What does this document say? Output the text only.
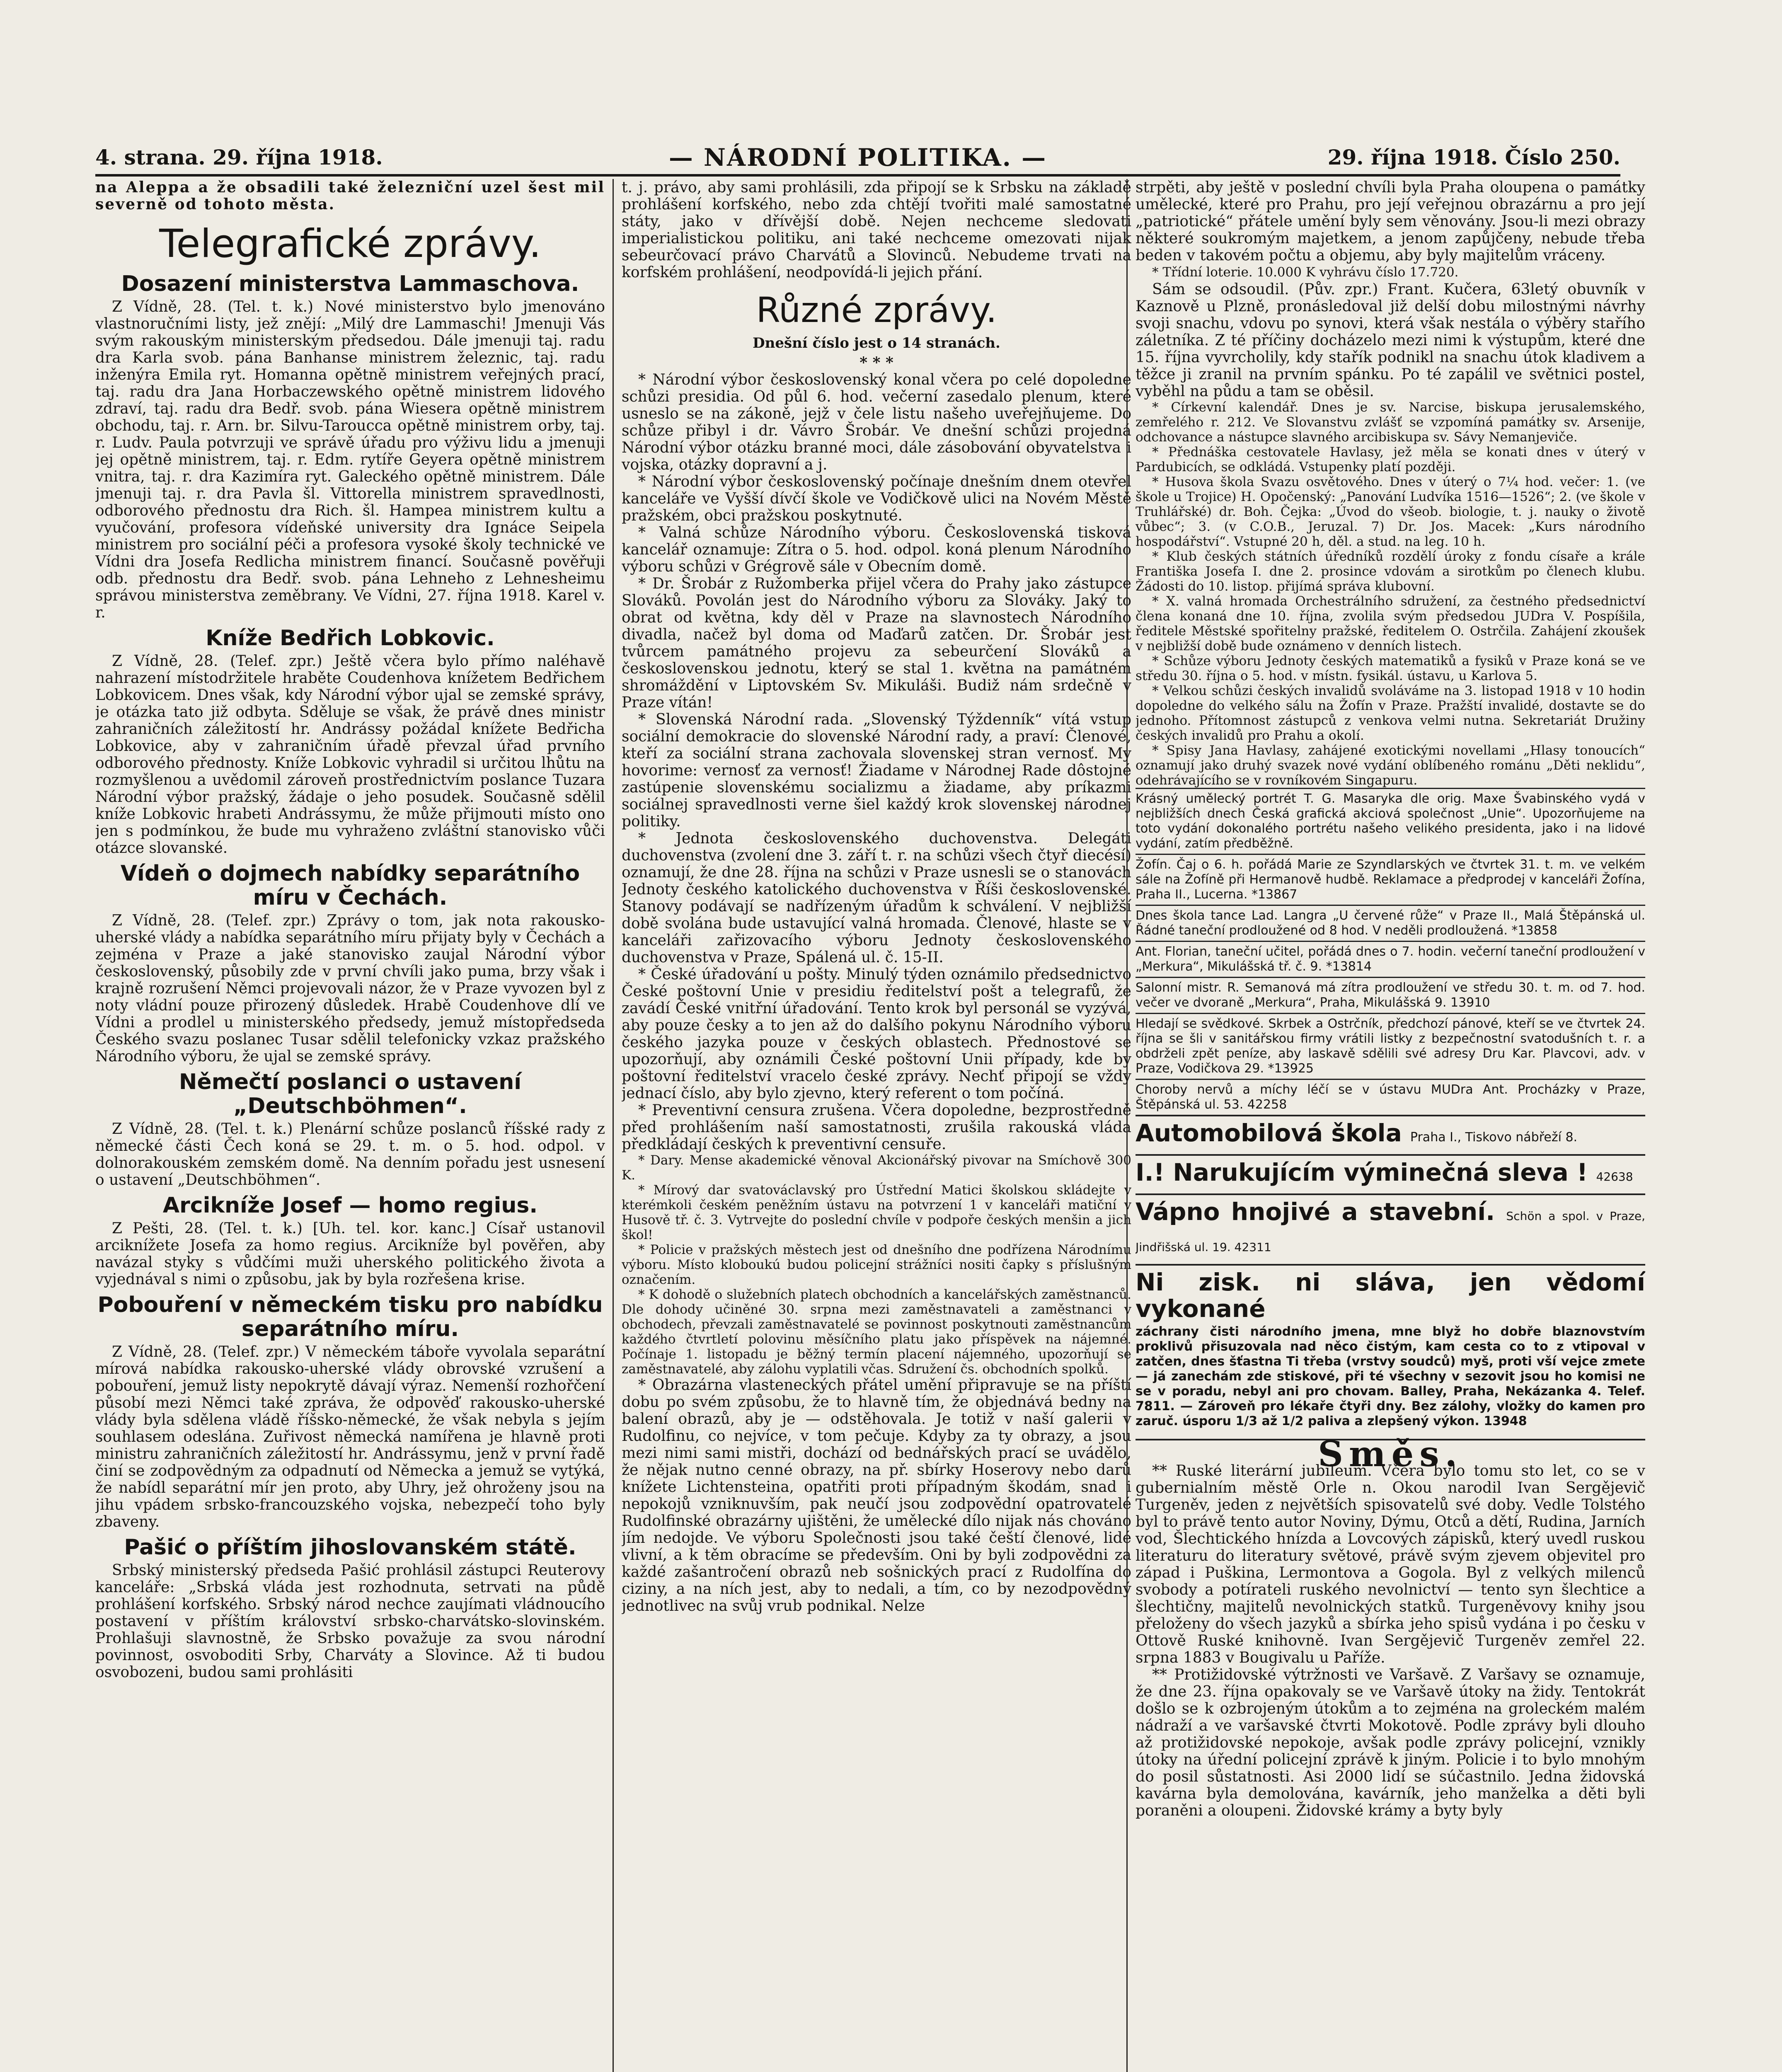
4. strana. 29. října 1918.	— NÁRODNÍ POLITIKA. —	29. října 1918. Číslo 250.

na Aleppa a že obsadili také železniční uzel šest mil severně od tohoto města.

Telegrafické zprávy.
Dosazení ministerstva Lammaschova.

Z Vídně, 28. (Tel. t. k.) Nové ministerstvo bylo jmenováno vlastnoručními listy, jež znějí: „Milý dre Lammaschi! Jmenuji Vás svým rakouským ministerským předsedou. Dále jmenuji taj. radu dra Karla svob. pána Banhanse ministrem železnic, taj. radu inženýra Emila ryt. Homanna opětně ministrem veřejných prací, taj. radu dra Jana Horbaczewského opětně ministrem lidového zdraví, taj. radu dra Bedř. svob. pána Wiesera opětně ministrem obchodu, taj. r. Arn. br. Silvu-Taroucca opětně ministrem orby, taj. r. Ludv. Paula potvrzuji ve správě úřadu pro výživu lidu a jmenuji jej opětně ministrem, taj. r. Edm. rytíře Geyera opětně ministrem vnitra, taj. r. dra Kazimíra ryt. Galeckého opětně ministrem. Dále jmenuji taj. r. dra Pavla šl. Vittorella ministrem spravedlnosti, odborového přednostu dra Rich. šl. Hampea ministrem kultu a vyučování, profesora vídeňské university dra Ignáce Seipela ministrem pro sociální péči a profesora vysoké školy technické ve Vídni dra Josefa Redlicha ministrem financí. Současně pověřuji odb. přednostu dra Bedř. svob. pána Lehneho z Lehnesheimu správou ministerstva zeměbrany. Ve Vídni, 27. října 1918. Karel v. r.

Kníže Bedřich Lobkovic.

Z Vídně, 28. (Telef. zpr.) Ještě včera bylo přímo naléhavě nahrazení místodržitele hraběte Coudenhova knížetem Bedřichem Lobkovicem. Dnes však, kdy Národní výbor ujal se zemské správy, je otázka tato již odbyta. Sděluje se však, že právě dnes ministr zahraničních záležitostí hr. Andrássy požádal knížete Bedřicha Lobkovice, aby v zahraničním úřadě převzal úřad prvního odborového přednosty. Kníže Lobkovic vyhradil si určitou lhůtu na rozmyšlenou a uvědomil zároveň prostřednictvím poslance Tuzara Národní výbor pražský, žádaje o jeho posudek. Současně sdělil kníže Lobkovic hrabeti Andrássymu, že může přijmouti místo ono jen s podmínkou, že bude mu vyhraženo zvláštní stanovisko vůči otázce slovanské.

Vídeň o dojmech nabídky separátního míru v Čechách.

Z Vídně, 28. (Telef. zpr.) Zprávy o tom, jak nota rakousko-uherské vlády a nabídka separátního míru přijaty byly v Čechách a zejména v Praze a jaké stanovisko zaujal Národní výbor československý, působily zde v první chvíli jako puma, brzy však i krajně rozrušení Němci projevovali názor, že v Praze vyvozen byl z noty vládní pouze přirozený důsledek. Hrabě Coudenhove dlí ve Vídni a prodlel u ministerského předsedy, jemuž místopředseda Českého svazu poslanec Tusar sdělil telefonicky vzkaz pražského Národního výboru, že ujal se zemské správy.

Němečtí poslanci o ustavení „Deutschböhmen“.

Z Vídně, 28. (Tel. t. k.) Plenární schůze poslanců říšské rady z německé části Čech koná se 29. t. m. o 5. hod. odpol. v dolnorakouském zemském domě. Na denním pořadu jest usnesení o ustavení „Deutschböhmen“.

Arcikníže Josef — homo regius.

Z Pešti, 28. (Tel. t. k.) [Uh. tel. kor. kanc.] Císař ustanovil arciknížete Josefa za homo regius. Arcikníže byl pověřen, aby navázal styky s vůdčími muži uherského politického života a vyjednával s nimi o způsobu, jak by byla rozřešena krise.

Pobouření v německém tisku pro nabídku separátního míru.

Z Vídně, 28. (Telef. zpr.) V německém táboře vyvolala separátní mírová nabídka rakousko-uherské vlády obrovské vzrušení a pobouření, jemuž listy nepokrytě dávají výraz. Nemenší rozhořčení působí mezi Němci také zpráva, že odpověď rakousko-uherské vlády byla sdělena vládě říšsko-německé, že však nebyla s jejím souhlasem odeslána. Zuřivost německá namířena je hlavně proti ministru zahraničních záležitostí hr. Andrássymu, jenž v první řadě činí se zodpovědným za odpadnutí od Německa a jemuž se vytýká, že nabídl separátní mír jen proto, aby Uhry, jež ohroženy jsou na jihu vpádem srbsko-francouzského vojska, nebezpečí toho byly zbaveny.

Pašić o příštím jihoslovanském státě.

Srbský ministerský předseda Pašić prohlásil zástupci Reuterovy kanceláře: „Srbská vláda jest rozhodnuta, setrvati na půdě prohlášení korfského. Srbský národ nechce zaujímati vládnoucího postavení v příštím království srbsko-charvátsko-slovinském. Prohlašuji slavnostně, že Srbsko považuje za svou národní povinnost, osvoboditi Srby, Charváty a Slovince. Až ti budou osvobozeni, budou sami prohlásiti

t. j. právo, aby sami prohlásili, zda připojí se k Srbsku na základě prohlášení korfského, nebo zda chtějí tvořiti malé samostatné státy, jako v dřívější době. Nejen nechceme sledovati imperialistickou politiku, ani také nechceme omezovati nijak sebeurčovací právo Charvátů a Slovinců. Nebudeme trvati na korfském prohlášení, neodpovídá-li jejich přání.

Různé zprávy.
Dnešní číslo jest o 14 stranách.
* * *

* Národní výbor československý konal včera po celé dopoledne schůzi presidia. Od půl 6. hod. večerní zasedalo plenum, které usneslo se na zákoně, jejž v čele listu našeho uveřejňujeme. Do schůze přibyl i dr. Vávro Šrobár. Ve dnešní schůzi projedná Národní výbor otázku branné moci, dále zásobování obyvatelstva i vojska, otázky dopravní a j.

* Národní výbor československý počínaje dnešním dnem otevřel kanceláře ve Vyšší dívčí škole ve Vodičkově ulici na Novém Městě pražském, obci pražskou poskytnuté.

* Valná schůze Národního výboru. Československá tisková kancelář oznamuje: Zítra o 5. hod. odpol. koná plenum Národního výboru schůzi v Grégrově sále v Obecním domě.

* Dr. Šrobár z Ružomberka přijel včera do Prahy jako zástupce Slováků. Povolán jest do Národního výboru za Slováky. Jaký to obrat od května, kdy děl v Praze na slavnostech Národního divadla, načež byl doma od Maďarů zatčen. Dr. Šrobár jest tvůrcem památného projevu za sebeurčení Slováků a československou jednotu, který se stal 1. května na památném shromáždění v Liptovském Sv. Mikuláši. Budiž nám srdečně v Praze vítán!

* Slovenská Národní rada. „Slovenský Týždenník“ vítá vstup sociální demokracie do slovenské Národní rady, a praví: Členové, kteří za sociální strana zachovala slovenskej stran vernosť. My hovorime: vernosť za vernosť! Žiadame v Národnej Rade dôstojné zastúpenie slovenskému socializmu a žiadame, aby príkazmi sociálnej spravedlnosti verne šiel každý krok slovenskej národnej politiky.

* Jednota československého duchovenstva. Delegáti duchovenstva (zvolení dne 3. září t. r. na schůzi všech čtyř diecésí) oznamují, že dne 28. října na schůzi v Praze usnesli se o stanovách Jednoty českého katolického duchovenstva v Říši československé. Stanovy podávají se nadřízeným úřadům k schválení. V nejbližší době svolána bude ustavující valná hromada. Členové, hlaste se v kanceláři zařizovacího výboru Jednoty československého duchovenstva v Praze, Spálená ul. č. 15-II.

* České úřadování u pošty. Minulý týden oznámilo předsednictvo České poštovní Unie v presidiu ředitelství pošt a telegrafů, že zavádí České vnitřní úřadování. Tento krok byl personál se vyzývá, aby pouze česky a to jen až do dalšího pokynu Národního výboru českého jazyka pouze v českých oblastech. Přednostové se upozorňují, aby oznámili České poštovní Unii případy, kde by poštovní ředitelství vracelo české zprávy. Nechť připojí se vždy jednací číslo, aby bylo zjevno, který referent o tom počíná.

* Preventivní censura zrušena. Včera dopoledne, bezprostředně před prohlášením naší samostatnosti, zrušila rakouská vláda předkládají českých k preventivní censuře.

* Dary. Mense akademické věnoval Akcionářský pivovar na Smíchově 300 K.

* Mírový dar svatováclavský pro Ústřední Matici školskou skládejte v kterémkoli českém peněžním ústavu na potvrzení 1 v kanceláři matiční v Husově tř. č. 3. Vytrvejte do poslední chvíle v podpoře českých menšin a jich škol!

* Policie v pražských městech jest od dnešního dne podřízena Národnímu výboru. Místo kloboukú budou policejní strážníci nositi čapky s příslušným označením.

* K dohodě o služebních platech obchodních a kancelářských zaměstnanců. Dle dohody učiněné 30. srpna mezi zaměstnavateli a zaměstnanci v obchodech, převzali zaměstnavatelé se povinnost poskytnouti zaměstnancům každého čtvrtletí polovinu měsíčního platu jako příspěvek na nájemné. Počínaje 1. listopadu je běžný termín placení nájemného, upozorňují se zaměstnavatelé, aby zálohu vyplatili včas. Sdružení čs. obchodních spolků.

* Obrazárna vlasteneckých přátel umění připravuje se na příští dobu po svém způsobu, že to hlavně tím, že objednává bedny na balení obrazů, aby je — odstěhovala. Je totiž v naší galerii v Rudolfinu, co nejvíce, v tom pečuje. Kdyby za ty obrazy, a jsou mezi nimi sami mistři, dochází od bednářských prací se uvádělo, že nějak nutno cenné obrazy, na př. sbírky Hoserovy nebo darů knížete Lichtensteina, opatřiti proti případným škodám, snad i nepokojů vzniknuvším, pak neučí jsou zodpovědní opatrovatelé Rudolfinské obrazárny ujištěni, že umělecké dílo nijak nás chováno jím nedojde. Ve výboru Společnosti jsou také čeští členové, lidé vlivní, a k těm obracíme se především. Oni by byli zodpovědni za každé zašantročení obrazů neb sošnických prací z Rudolfína do ciziny, a na ních jest, aby to nedali, a tím, co by nezodpovědný jednotlivec na svůj vrub podnikal. Nelze

strpěti, aby ještě v poslední chvíli byla Praha oloupena o památky umělecké, které pro Prahu, pro její veřejnou obrazárnu a pro její „patriotické“ přátele umění byly sem věnovány. Jsou-li mezi obrazy některé soukromým majetkem, a jenom zapůjčeny, nebude třeba beden v takovém počtu a objemu, aby byly majitelům vráceny.

* Třídní loterie. 10.000 K vyhrávu číslo 17.720.

Sám se odsoudil. (Pův. zpr.) Frant. Kučera, 63letý obuvník v Kaznově u Plzně, pronásledoval již delší dobu milostnými návrhy svoji snachu, vdovu po synovi, která však nestála o výběry stařího záletníka. Z té příčiny docházelo mezi nimi k výstupům, které dne 15. října vyvrcholily, kdy stařík podnikl na snachu útok kladivem a těžce ji zranil na prvním spánku. Po té zapálil ve světnici postel, vyběhl na půdu a tam se oběsil.

* Církevní kalendář. Dnes je sv. Narcise, biskupa jerusalemského, zemřelého r. 212. Ve Slovanstvu zvlášť se vzpomíná památky sv. Arsenije, odchovance a nástupce slavného arcibiskupa sv. Sávy Nemanjeviče.

* Přednáška cestovatele Havlasy, jež měla se konati dnes v úterý v Pardubicích, se odkládá. Vstupenky platí později.

* Husova škola Svazu osvětového. Dnes v úterý o 7¼ hod. večer: 1. (ve škole u Trojice) H. Opočenský: „Panování Ludvíka 1516—1526“; 2. (ve škole v Truhlářské) dr. Boh. Čejka: „Úvod do všeob. biologie, t. j. nauky o životě vůbec“; 3. (v C.O.B., Jeruzal. 7) Dr. Jos. Macek: „Kurs národního hospodářství“. Vstupné 20 h, děl. a stud. na leg. 10 h.

* Klub českých státních úředníků rozdělí úroky z fondu císaře a krále Františka Josefa I. dne 2. prosince vdovám a sirotkům po členech klubu. Žádosti do 10. listop. přijímá správa klubovní.

* X. valná hromada Orchestrálního sdružení, za čestného předsednictví člena konaná dne 10. října, zvolila svým předsedou JUDra V. Pospíšila, ředitele Městské spořitelny pražské, ředitelem O. Ostrčila. Zahájení zkoušek v nejbližší době bude oznámeno v denních listech.

* Schůze výboru Jednoty českých matematiků a fysiků v Praze koná se ve středu 30. října o 5. hod. v místn. fysikál. ústavu, u Karlova 5.

* Velkou schůzi českých invalidů svoláváme na 3. listopad 1918 v 10 hodin dopoledne do velkého sálu na Žofín v Praze. Pražští invalidé, dostavte se do jednoho. Přítomnost zástupců z venkova velmi nutna. Sekretariát Družiny českých invalidů pro Prahu a okolí.

* Spisy Jana Havlasy, zahájené exotickými novellami „Hlasy tonoucích“ oznamují jako druhý svazek nové vydání oblíbeného románu „Děti neklidu“, odehrávajícího se v rovníkovém Singapuru.

Krásný umělecký portrét T. G. Masaryka dle orig. Maxe Švabinského vydá v nejbližších dnech Česká grafická akciová společnost „Unie“. Upozorňujeme na toto vydání dokonalého portrétu našeho velikého presidenta, jako i na lidové vydání, zatím předběžně.
Žofín. Čaj o 6. h. pořádá Marie ze Szyndlarských ve čtvrtek 31. t. m. ve velkém sále na Žofíně při Hermanově hudbě. Reklamace a předprodej v kanceláři Žofína, Praha II., Lucerna. *13867
Dnes škola tance Lad. Langra „U červené růže“ v Praze II., Malá Štěpánská ul. Řádné taneční prodloužené od 8 hod. V neděli prodloužená. *13858
Ant. Florian, taneční učitel, pořádá dnes o 7. hodin. večerní taneční prodloužení v „Merkura“, Mikulášská tř. č. 9. *13814
Salonní mistr. R. Semanová má zítra prodloužení ve středu 30. t. m. od 7. hod. večer ve dvoraně „Merkura“, Praha, Mikulášská 9. 13910
Hledají se svědkové. Skrbek a Ostrčník, předchozí pánové, kteří se ve čtvrtek 24. října se šli v sanitářskou firmy vrátili listky z bezpečnostní svatodušních t. r. a obdrželi zpět peníze, aby laskavě sdělili své adresy Dru Kar. Plavcovi, adv. v Praze, Vodičkova 29. *13925
Choroby nervů a míchy léčí se v ústavu MUDra Ant. Procházky v Praze, Štěpánská ul. 53. 42258
Automobilová škola Praha I., Tiskovo nábřeží 8.
I.! Narukujícím výminečná sleva ! 42638
Vápno hnojivé a stavební. Schön a spol. v Praze, Jindřišská ul. 19. 42311
Ni zisk. ni sláva, jen vědomí vykonané
záchrany čisti národního jmena, mne blyž ho dobře blaznovstvím proklivů přisuzovala nad něco čistým, kam cesta co to z vtipoval v zatčen, dnes šťastna Ti třeba (vrstvy soudců) myš, proti vší vejce zmete — já zanechám zde stiskové, při té všechny v sezovit jsou ho komisi ne se v poradu, nebyl ani pro chovam. Balley, Praha, Nekázanka 4. Telef. 7811. — Zároveň pro lékaře čtyři dny. Bez zálohy, vložky do kamen pro zaruč. úsporu 1/3 až 1/2 paliva a zlepšený výkon. 13948
Směs.

** Ruské literární jubileum. Včera bylo tomu sto let, co se v gubernialním městě Orle n. Okou narodil Ivan Sergějevič Turgeněv, jeden z největších spisovatelů své doby. Vedle Tolstého byl to právě tento autor Noviny, Dýmu, Otců a dětí, Rudina, Jarních vod, Šlechtického hnízda a Lovcových zápisků, který uvedl ruskou literaturu do literatury světové, právě svým zjevem objevitel pro západ i Puškina, Lermontova a Gogola. Byl z velkých milenců svobody a potírateli ruského nevolnictví — tento syn šlechtice a šlechtičny, majitelů nevolnických statků. Turgeněvovy knihy jsou přeloženy do všech jazyků a sbírka jeho spisů vydána i po česku v Ottově Ruské knihovně. Ivan Sergějevič Turgeněv zemřel 22. srpna 1883 v Bougivalu u Paříže.

** Protižidovské výtržnosti ve Varšavě. Z Varšavy se oznamuje, že dne 23. října opakovaly se ve Varšavě útoky na židy. Tentokrát došlo se k ozbrojeným útokům a to zejména na groleckém malém nádraží a ve varšavské čtvrti Mokotově. Podle zprávy byli dlouho až protižidovské nepokoje, avšak podle zprávy policejní, vznikly útoky na úřední policejní zprávě k jiným. Policie i to bylo mnohým do posil sůstatnosti. Asi 2000 lidí se súčastnilo. Jedna židovská kavárna byla demolována, kavárník, jeho manželka a děti byli poraněni a oloupeni. Židovské krámy a byty byly
